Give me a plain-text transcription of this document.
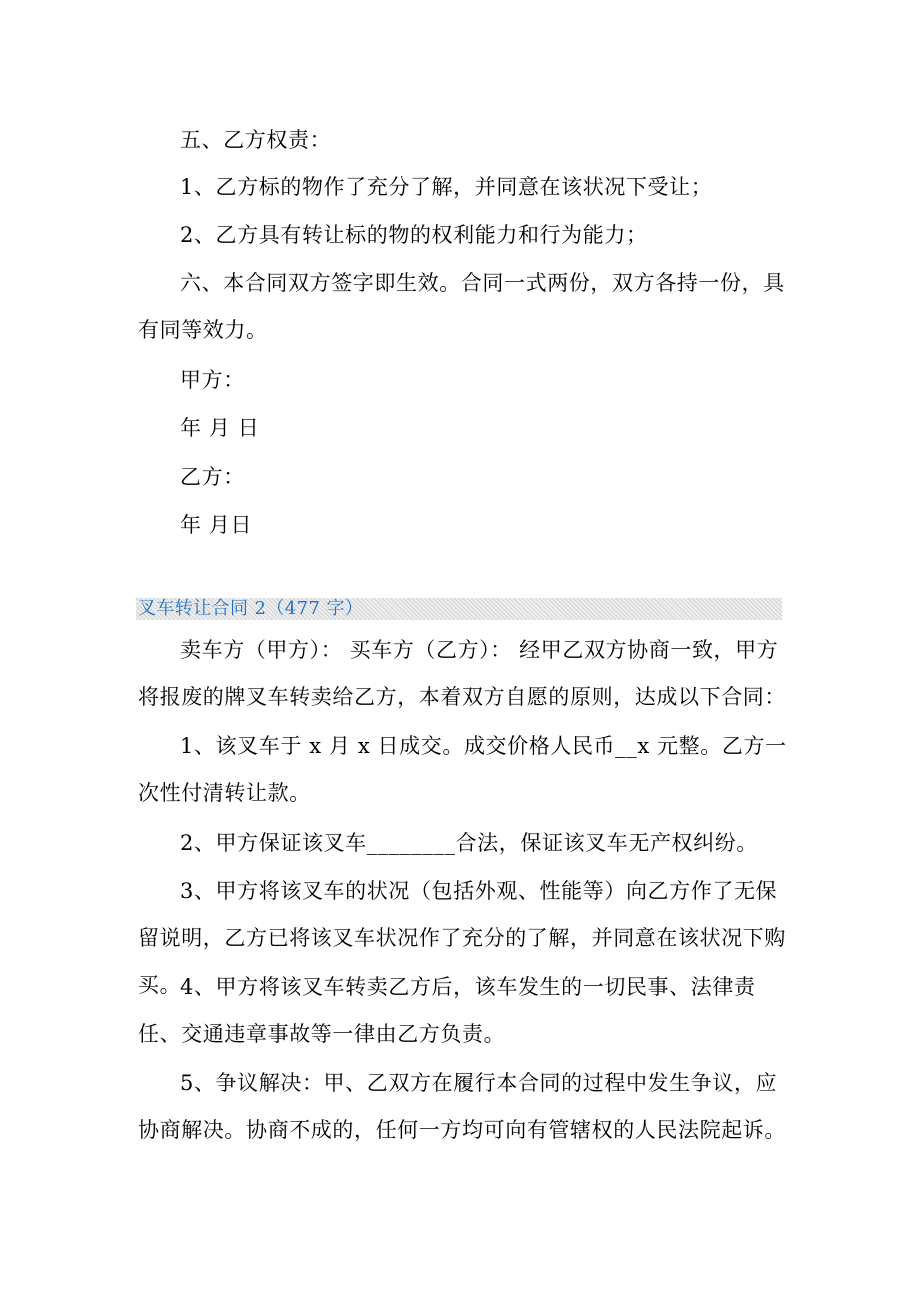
五、乙方权责：

1、乙方标的物作了充分了解，并同意在该状况下受让；

2、乙方具有转让标的物的权利能力和行为能力；

六、本合同双方签字即生效。合同一式两份，双方各持一份，具有同等效力。

甲方：

年 月 日

乙方：

年 月日

叉车转让合同 2（477 字）

卖车方（甲方）： 买车方（乙方）： 经甲乙双方协商一致，甲方将报废的牌叉车转卖给乙方，本着双方自愿的原则，达成以下合同：

1、该叉车于 x 月 x 日成交。成交价格人民币__x 元整。乙方一次性付清转让款。

2、甲方保证该叉车________合法，保证该叉车无产权纠纷。

3、甲方将该叉车的状况（包括外观、性能等）向乙方作了无保留说明，乙方已将该叉车状况作了充分的了解，并同意在该状况下购买。

4、甲方将该叉车转卖乙方后，该车发生的一切民事、法律责任、交通违章事故等一律由乙方负责。

5、争议解决：甲、乙双方在履行本合同的过程中发生争议，应协商解决。协商不成的，任何一方均可向有管辖权的人民法院起诉。
